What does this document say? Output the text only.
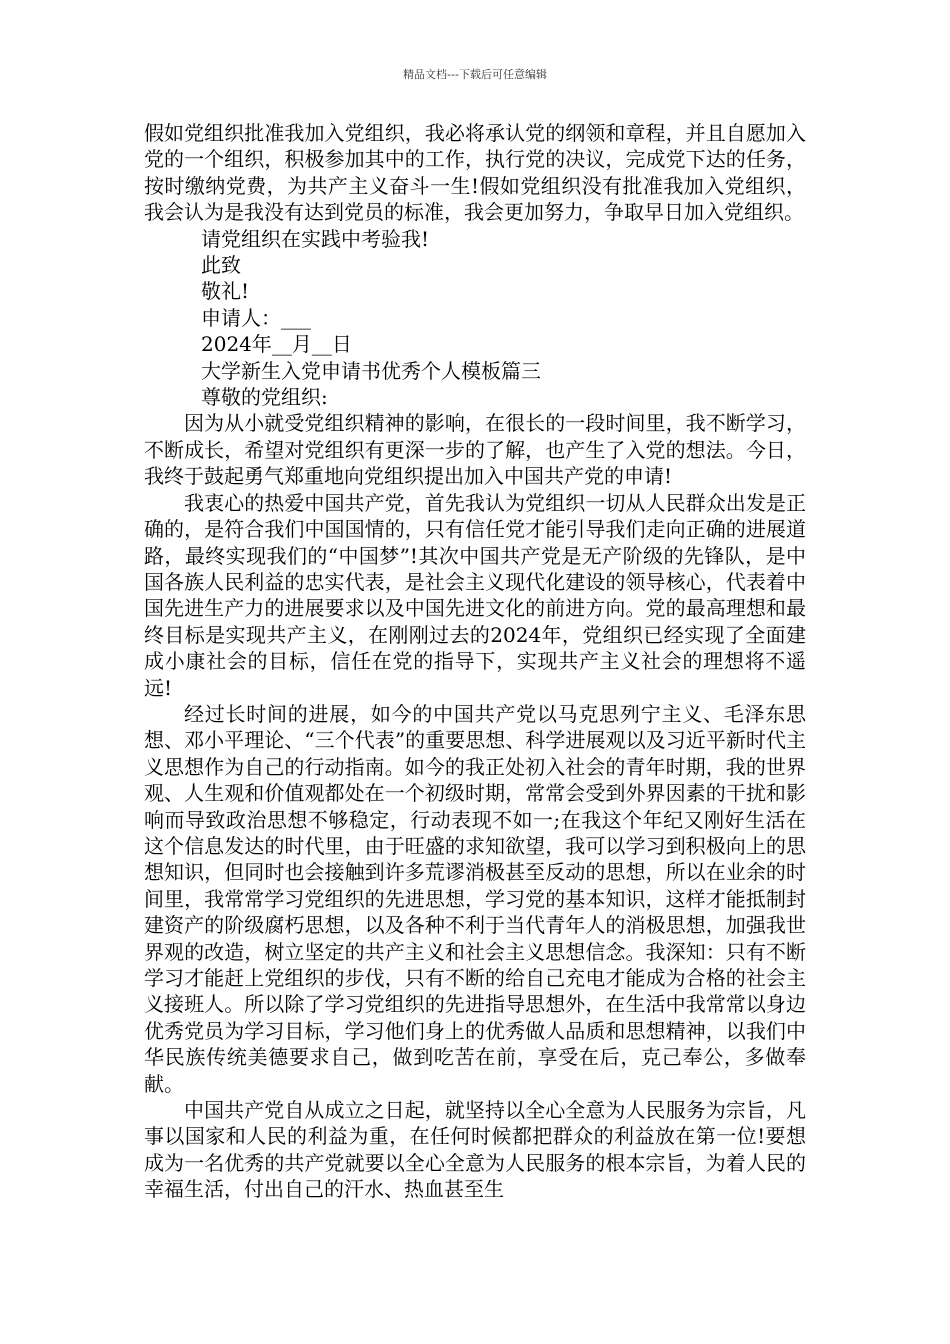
精品文档---下载后可任意编辑

假如党组织批准我加入党组织，我必将承认党的纲领和章程，并且自愿加入党的一个组织，积极参加其中的工作，执行党的决议，完成党下达的任务，按时缴纳党费，为共产主义奋斗一生!假如党组织没有批准我加入党组织，我会认为是我没有达到党员的标准，我会更加努力，争取早日加入党组织。

请党组织在实践中考验我!

此致

敬礼!

申请人：___

2024年__月__日

大学新生入党申请书优秀个人模板篇三

尊敬的党组织:

因为从小就受党组织精神的影响，在很长的一段时间里，我不断学习，不断成长，希望对党组织有更深一步的了解，也产生了入党的想法。今日，我终于鼓起勇气郑重地向党组织提出加入中国共产党的申请!

我衷心的热爱中国共产党，首先我认为党组织一切从人民群众出发是正确的，是符合我们中国国情的，只有信任党才能引导我们走向正确的进展道路，最终实现我们的“中国梦”!其次中国共产党是无产阶级的先锋队，是中国各族人民利益的忠实代表，是社会主义现代化建设的领导核心，代表着中国先进生产力的进展要求以及中国先进文化的前进方向。党的最高理想和最终目标是实现共产主义，在刚刚过去的2024年，党组织已经实现了全面建成小康社会的目标，信任在党的指导下，实现共产主义社会的理想将不遥远!

经过长时间的进展，如今的中国共产党以马克思列宁主义、毛泽东思想、邓小平理论、“三个代表”的重要思想、科学进展观以及习近平新时代主义思想作为自己的行动指南。如今的我正处初入社会的青年时期，我的世界观、人生观和价值观都处在一个初级时期，常常会受到外界因素的干扰和影响而导致政治思想不够稳定，行动表现不如一;在我这个年纪又刚好生活在这个信息发达的时代里，由于旺盛的求知欲望，我可以学习到积极向上的思想知识，但同时也会接触到许多荒谬消极甚至反动的思想，所以在业余的时间里，我常常学习党组织的先进思想，学习党的基本知识，这样才能抵制封建资产的阶级腐朽思想，以及各种不利于当代青年人的消极思想，加强我世界观的改造，树立坚定的共产主义和社会主义思想信念。我深知：只有不断学习才能赶上党组织的步伐，只有不断的给自己充电才能成为合格的社会主义接班人。所以除了学习党组织的先进指导思想外，在生活中我常常以身边优秀党员为学习目标，学习他们身上的优秀做人品质和思想精神，以我们中华民族传统美德要求自己，做到吃苦在前，享受在后，克己奉公，多做奉献。

中国共产党自从成立之日起，就坚持以全心全意为人民服务为宗旨，凡事以国家和人民的利益为重，在任何时候都把群众的利益放在第一位!要想成为一名优秀的共产党就要以全心全意为人民服务的根本宗旨，为着人民的幸福生活，付出自己的汗水、热血甚至生
